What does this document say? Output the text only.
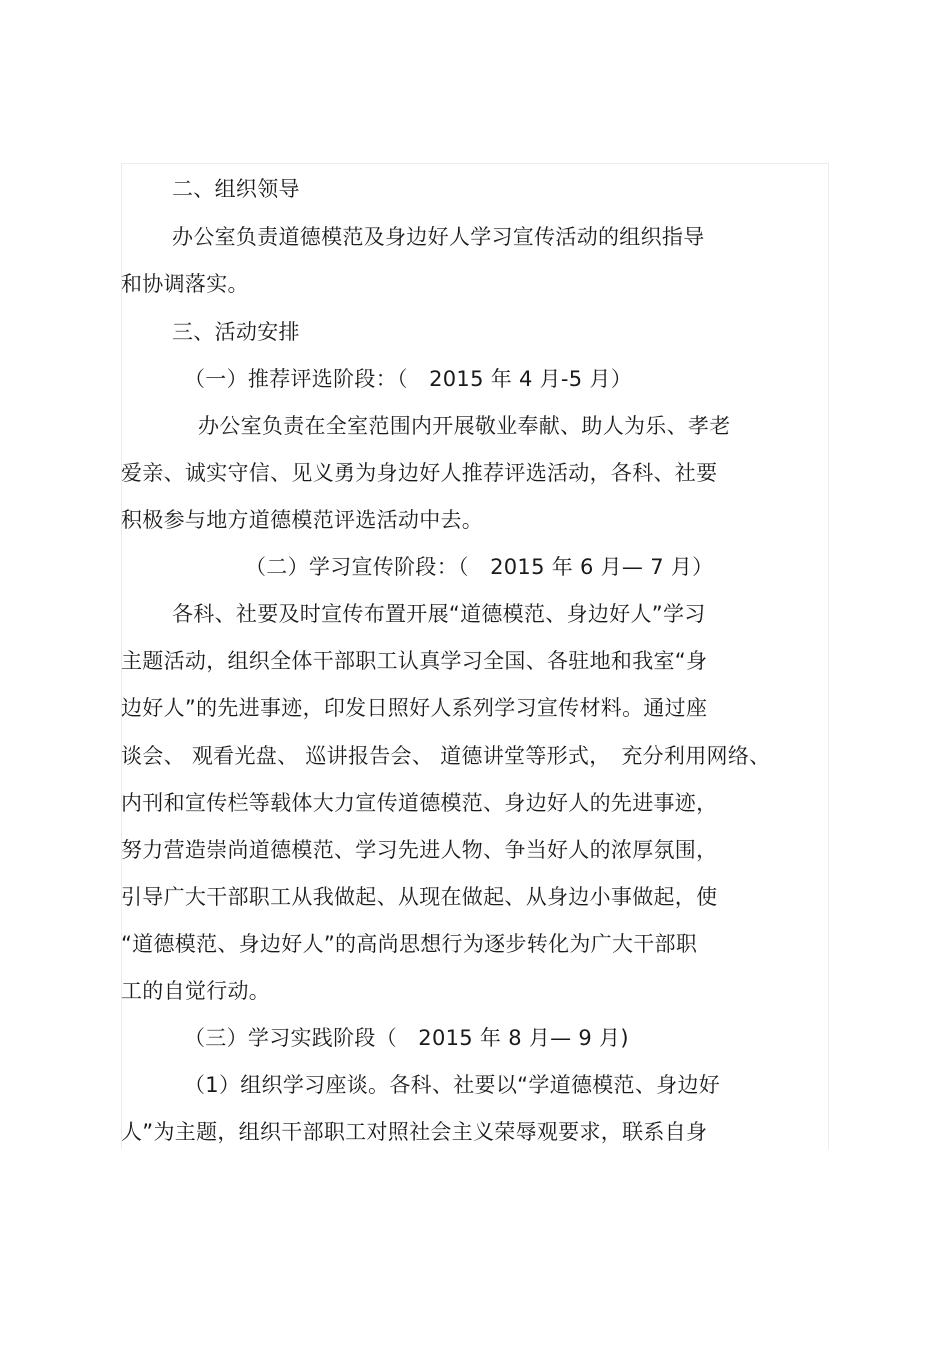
二、组织领导
办公室负责道德模范及身边好人学习宣传活动的组织指导
和协调落实。
三、活动安排
（一）推荐评选阶段：（　2015 年 4 月-5 月）
办公室负责在全室范围内开展敬业奉献、助人为乐、孝老
爱亲、诚实守信、见义勇为身边好人推荐评选活动，各科、社要
积极参与地方道德模范评选活动中去。
（二）学习宣传阶段：（　2015 年 6 月— 7 月）
各科、社要及时宣传布置开展“道德模范、身边好人”学习
主题活动，组织全体干部职工认真学习全国、各驻地和我室“身
边好人”的先进事迹，印发日照好人系列学习宣传材料。通过座
谈会、 观看光盘、 巡讲报告会、 道德讲堂等形式，　充分利用网络、
内刊和宣传栏等载体大力宣传道德模范、身边好人的先进事迹，
努力营造崇尚道德模范、学习先进人物、争当好人的浓厚氛围，
引导广大干部职工从我做起、从现在做起、从身边小事做起，使
“道德模范、身边好人”的高尚思想行为逐步转化为广大干部职
工的自觉行动。
（三）学习实践阶段（　2015 年 8 月— 9 月)
（1）组织学习座谈。各科、社要以“学道德模范、身边好
人”为主题，组织干部职工对照社会主义荣辱观要求，联系自身
